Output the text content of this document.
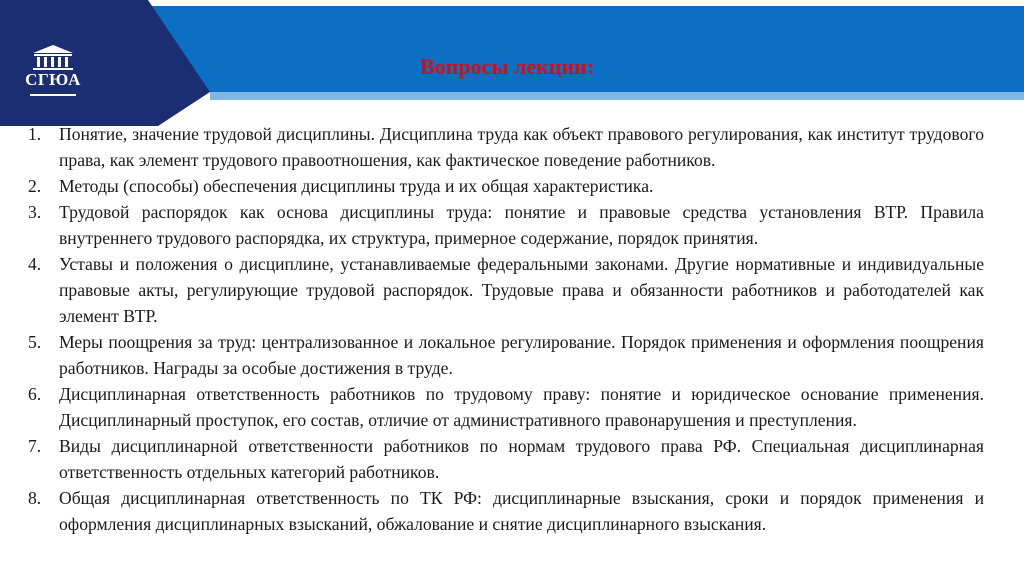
СГЮА
Вопросы лекции:
1. Понятие, значение трудовой дисциплины. Дисциплина труда как объект правового регулирования, как институт трудового права, как элемент трудового правоотношения, как фактическое поведение работников.
2. Методы (способы) обеспечения дисциплины труда и их общая характеристика.
3. Трудовой распорядок как основа дисциплины труда: понятие и правовые средства установления ВТР. Правила внутреннего трудового распорядка, их структура, примерное содержание, порядок принятия.
4. Уставы и положения о дисциплине, устанавливаемые федеральными законами. Другие нормативные и индивидуальные правовые акты, регулирующие трудовой распорядок. Трудовые права и обязанности работников и работодателей как элемент ВТР.
5. Меры поощрения за труд: централизованное и локальное регулирование. Порядок применения и оформления поощрения работников. Награды за особые достижения в труде.
6. Дисциплинарная ответственность работников по трудовому праву: понятие и юридическое основание применения. Дисциплинарный проступок, его состав, отличие от административного правонарушения и преступления.
7. Виды дисциплинарной ответственности работников по нормам трудового права РФ. Специальная дисциплинарная ответственность отдельных категорий работников.
8. Общая дисциплинарная ответственность по ТК РФ: дисциплинарные взыскания, сроки и порядок применения и оформления дисциплинарных взысканий, обжалование и снятие дисциплинарного взыскания.
